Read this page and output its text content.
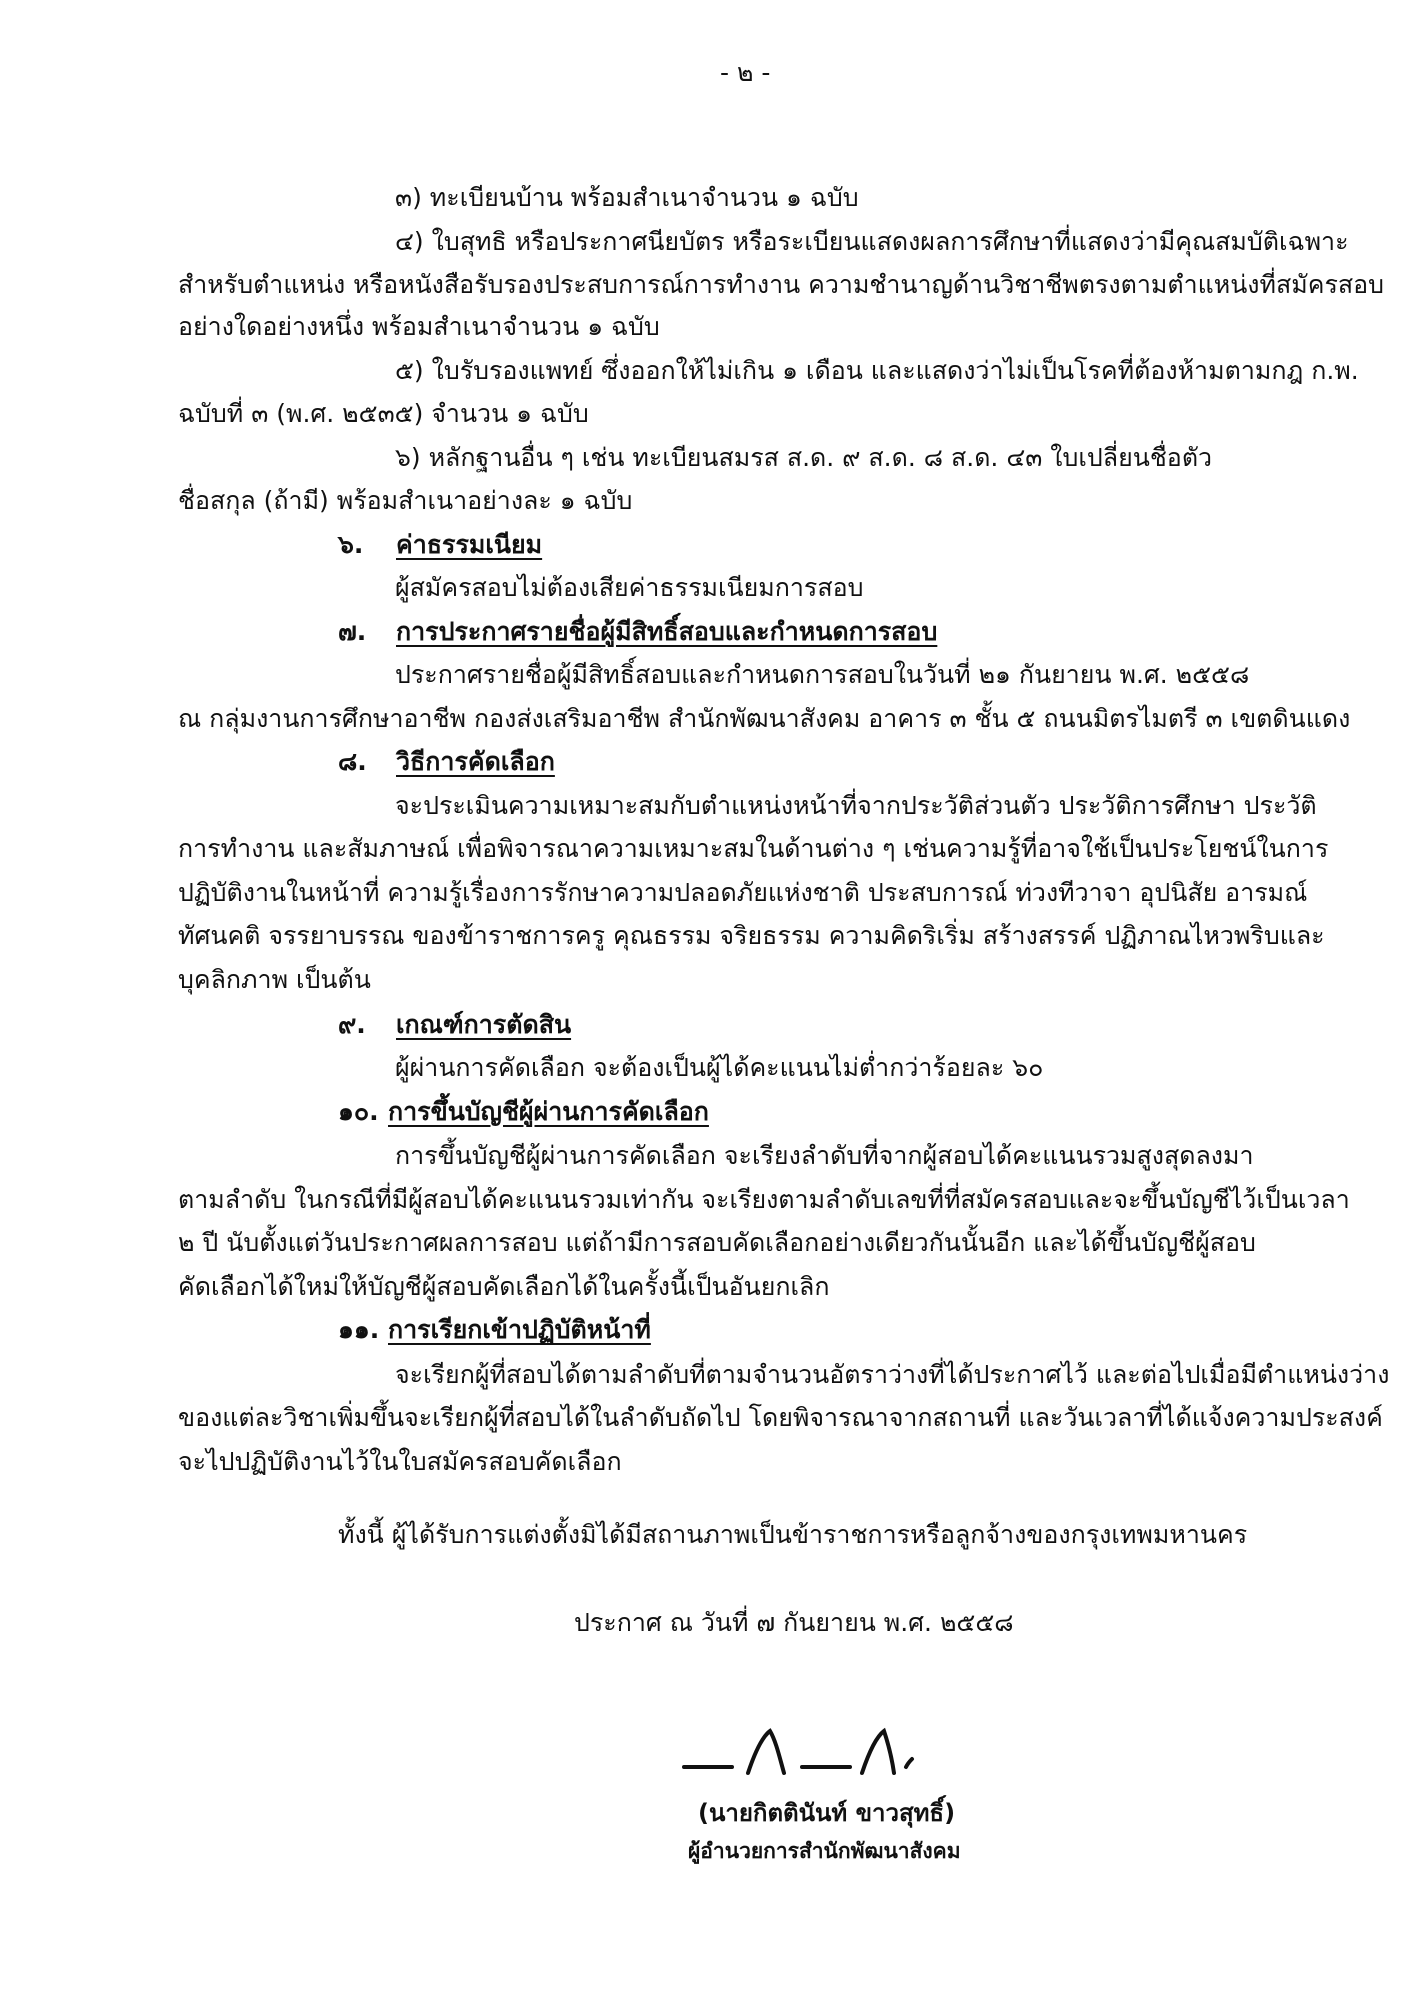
- ๒ -
๓) ทะเบียนบ้าน พร้อมสำเนาจำนวน ๑ ฉบับ
๔) ใบสุทธิ หรือประกาศนียบัตร หรือระเบียนแสดงผลการศึกษาที่แสดงว่ามีคุณสมบัติเฉพาะ
สำหรับตำแหน่ง หรือหนังสือรับรองประสบการณ์การทำงาน ความชำนาญด้านวิชาชีพตรงตามตำแหน่งที่สมัครสอบ
อย่างใดอย่างหนึ่ง พร้อมสำเนาจำนวน ๑ ฉบับ
๕) ใบรับรองแพทย์ ซึ่งออกให้ไม่เกิน ๑ เดือน และแสดงว่าไม่เป็นโรคที่ต้องห้ามตามกฎ ก.พ.
ฉบับที่ ๓ (พ.ศ. ๒๕๓๕) จำนวน ๑ ฉบับ
๖) หลักฐานอื่น ๆ เช่น ทะเบียนสมรส ส.ด. ๙ ส.ด. ๘ ส.ด. ๔๓ ใบเปลี่ยนชื่อตัว
ชื่อสกุล (ถ้ามี) พร้อมสำเนาอย่างละ ๑ ฉบับ
๖. ค่าธรรมเนียม
ผู้สมัครสอบไม่ต้องเสียค่าธรรมเนียมการสอบ
๗. การประกาศรายชื่อผู้มีสิทธิ์สอบและกำหนดการสอบ
ประกาศรายชื่อผู้มีสิทธิ์สอบและกำหนดการสอบในวันที่ ๒๑ กันยายน พ.ศ. ๒๕๕๘
ณ กลุ่มงานการศึกษาอาชีพ กองส่งเสริมอาชีพ สำนักพัฒนาสังคม อาคาร ๓ ชั้น ๕ ถนนมิตรไมตรี ๓ เขตดินแดง
๘. วิธีการคัดเลือก
จะประเมินความเหมาะสมกับตำแหน่งหน้าที่จากประวัติส่วนตัว ประวัติการศึกษา ประวัติ
การทำงาน และสัมภาษณ์ เพื่อพิจารณาความเหมาะสมในด้านต่าง ๆ เช่นความรู้ที่อาจใช้เป็นประโยชน์ในการ
ปฏิบัติงานในหน้าที่ ความรู้เรื่องการรักษาความปลอดภัยแห่งชาติ ประสบการณ์ ท่วงทีวาจา อุปนิสัย อารมณ์
ทัศนคติ จรรยาบรรณ ของข้าราชการครู คุณธรรม จริยธรรม ความคิดริเริ่ม สร้างสรรค์ ปฏิภาณไหวพริบและ
บุคลิกภาพ เป็นต้น
๙. เกณฑ์การตัดสิน
ผู้ผ่านการคัดเลือก จะต้องเป็นผู้ได้คะแนนไม่ต่ำกว่าร้อยละ ๖๐
๑๐. การขึ้นบัญชีผู้ผ่านการคัดเลือก
การขึ้นบัญชีผู้ผ่านการคัดเลือก จะเรียงลำดับที่จากผู้สอบได้คะแนนรวมสูงสุดลงมา
ตามลำดับ ในกรณีที่มีผู้สอบได้คะแนนรวมเท่ากัน จะเรียงตามลำดับเลขที่ที่สมัครสอบและจะขึ้นบัญชีไว้เป็นเวลา
๒ ปี นับตั้งแต่วันประกาศผลการสอบ แต่ถ้ามีการสอบคัดเลือกอย่างเดียวกันนั้นอีก และได้ขึ้นบัญชีผู้สอบ
คัดเลือกได้ใหม่ให้บัญชีผู้สอบคัดเลือกได้ในครั้งนี้เป็นอันยกเลิก
๑๑. การเรียกเข้าปฏิบัติหน้าที่
จะเรียกผู้ที่สอบได้ตามลำดับที่ตามจำนวนอัตราว่างที่ได้ประกาศไว้ และต่อไปเมื่อมีตำแหน่งว่าง
ของแต่ละวิชาเพิ่มขึ้นจะเรียกผู้ที่สอบได้ในลำดับถัดไป โดยพิจารณาจากสถานที่ และวันเวลาที่ได้แจ้งความประสงค์
จะไปปฏิบัติงานไว้ในใบสมัครสอบคัดเลือก
ทั้งนี้ ผู้ได้รับการแต่งตั้งมิได้มีสถานภาพเป็นข้าราชการหรือลูกจ้างของกรุงเทพมหานคร
ประกาศ ณ วันที่ ๗ กันยายน พ.ศ. ๒๕๕๘
(นายกิตตินันท์ ขาวสุทธิ์)
ผู้อำนวยการสำนักพัฒนาสังคม
